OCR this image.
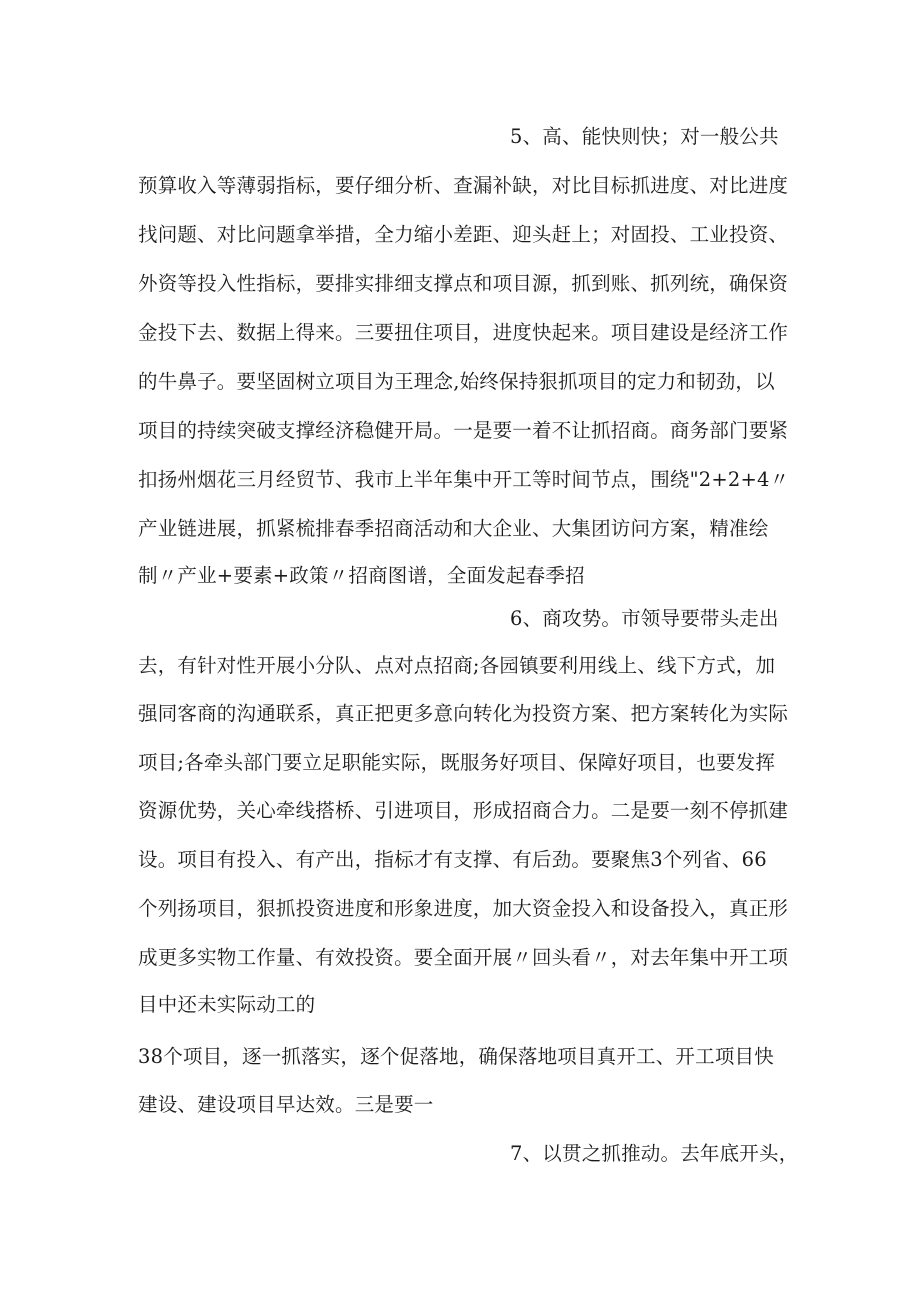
5、高、能快则快；对一般公共
预算收入等薄弱指标，要仔细分析、查漏补缺，对比目标抓进度、对比进度
找问题、对比问题拿举措，全力缩小差距、迎头赶上；对固投、工业投资、
外资等投入性指标，要排实排细支撑点和项目源，抓到账、抓列统，确保资
金投下去、数据上得来。三要扭住项目，进度快起来。项目建设是经济工作
的牛鼻子。要坚固树立项目为王理念,始终保持狠抓项目的定力和韧劲，以
项目的持续突破支撑经济稳健开局。一是要一着不让抓招商。商务部门要紧
扣扬州烟花三月经贸节、我市上半年集中开工等时间节点，围绕"2+2+4〃
产业链进展，抓紧梳排春季招商活动和大企业、大集团访问方案，精准绘
制〃产业+要素+政策〃招商图谱，全面发起春季招
6、商攻势。市领导要带头走出
去，有针对性开展小分队、点对点招商;各园镇要利用线上、线下方式，加
强同客商的沟通联系，真正把更多意向转化为投资方案、把方案转化为实际
项目;各牵头部门要立足职能实际，既服务好项目、保障好项目，也要发挥
资源优势，关心牵线搭桥、引进项目，形成招商合力。二是要一刻不停抓建
设。项目有投入、有产出，指标才有支撑、有后劲。要聚焦3个列省、66
个列扬项目，狠抓投资进度和形象进度，加大资金投入和设备投入，真正形
成更多实物工作量、有效投资。要全面开展〃回头看〃，对去年集中开工项
目中还未实际动工的
38个项目，逐一抓落实，逐个促落地，确保落地项目真开工、开工项目快
建设、建设项目早达效。三是要一
7、以贯之抓推动。去年底开头，
